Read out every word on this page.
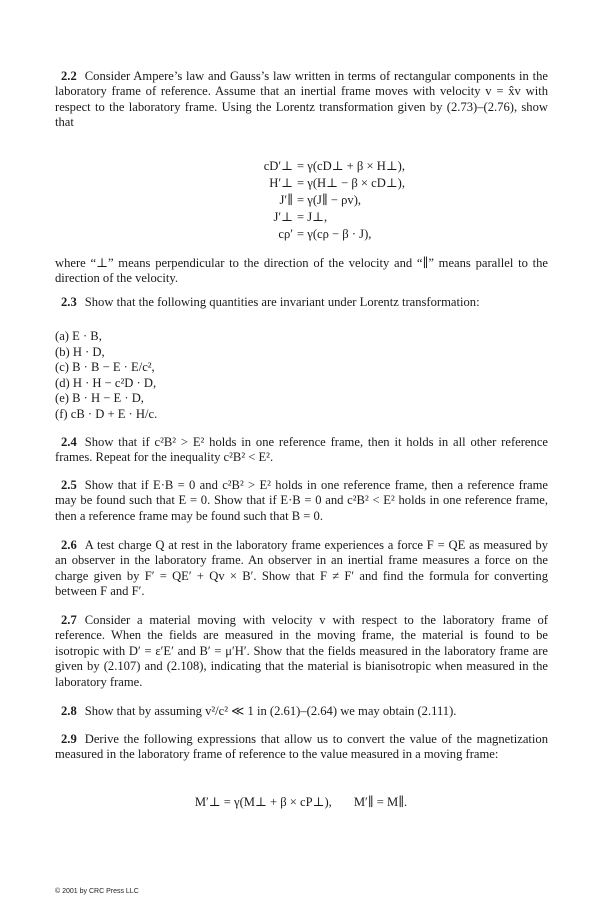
2.2 Consider Ampere’s law and Gauss’s law written in terms of rectangular components in the laboratory frame of reference. Assume that an inertial frame moves with velocity v = x̂v with respect to the laboratory frame. Using the Lorentz transformation given by (2.73)–(2.76), show that
cD′⊥ = γ(cD⊥ + β × H⊥),
H′⊥ = γ(H⊥ − β × cD⊥),
J′∥ = γ(J∥ − ρv),
J′⊥ = J⊥,
cρ′ = γ(cρ − β · J),
where “⊥” means perpendicular to the direction of the velocity and “∥” means parallel to the direction of the velocity.
2.3 Show that the following quantities are invariant under Lorentz transformation:
(a) E · B,
(b) H · D,
(c) B · B − E · E/c²,
(d) H · H − c²D · D,
(e) B · H − E · D,
(f) cB · D + E · H/c.
2.4 Show that if c²B² > E² holds in one reference frame, then it holds in all other reference frames. Repeat for the inequality c²B² < E².
2.5 Show that if E·B = 0 and c²B² > E² holds in one reference frame, then a reference frame may be found such that E = 0. Show that if E·B = 0 and c²B² < E² holds in one reference frame, then a reference frame may be found such that B = 0.
2.6 A test charge Q at rest in the laboratory frame experiences a force F = QE as measured by an observer in the laboratory frame. An observer in an inertial frame measures a force on the charge given by F′ = QE′ + Qv × B′. Show that F ≠ F′ and find the formula for converting between F and F′.
2.7 Consider a material moving with velocity v with respect to the laboratory frame of reference. When the fields are measured in the moving frame, the material is found to be isotropic with D′ = ε′E′ and B′ = μ′H′. Show that the fields measured in the laboratory frame are given by (2.107) and (2.108), indicating that the material is bianisotropic when measured in the laboratory frame.
2.8 Show that by assuming v²/c² ≪ 1 in (2.61)–(2.64) we may obtain (2.111).
2.9 Derive the following expressions that allow us to convert the value of the magnetization measured in the laboratory frame of reference to the value measured in a moving frame:
M′⊥ = γ(M⊥ + β × cP⊥),       M′∥ = M∥.
© 2001 by CRC Press LLC
